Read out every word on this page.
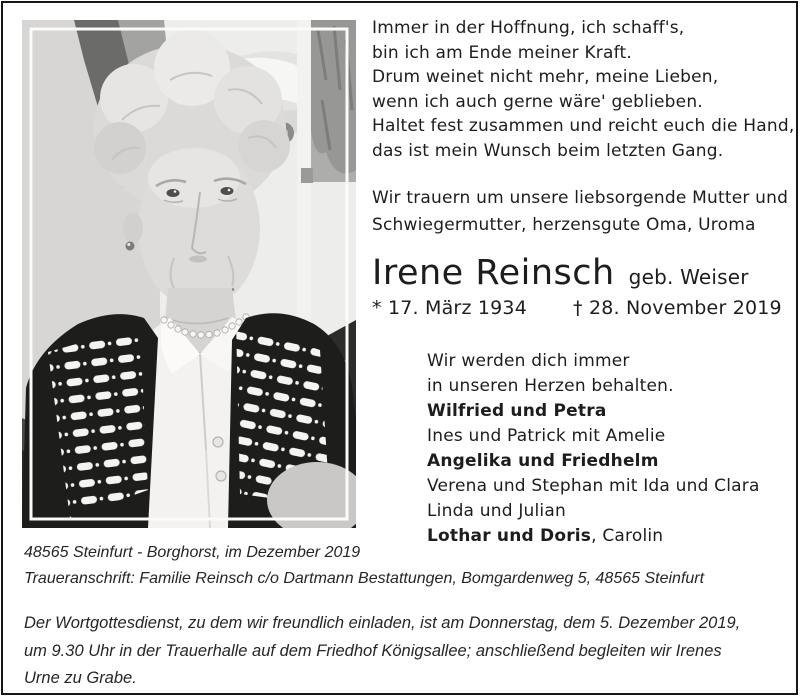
Immer in der Hoffnung, ich schaff's,
bin ich am Ende meiner Kraft.
Drum weinet nicht mehr, meine Lieben,
wenn ich auch gerne wäre' geblieben.
Haltet fest zusammen und reicht euch die Hand,
das ist mein Wunsch beim letzten Gang.
Wir trauern um unsere liebsorgende Mutter und
Schwiegermutter, herzensgute Oma, Uroma
Irene Reinsch geb. Weiser
* 17. März 1934 † 28. November 2019
Wir werden dich immer
in unseren Herzen behalten.
Wilfried und Petra
Ines und Patrick mit Amelie
Angelika und Friedhelm
Verena und Stephan mit Ida und Clara
Linda und Julian
Lothar und Doris, Carolin
48565 Steinfurt - Borghorst, im Dezember 2019
Traueranschrift: Familie Reinsch c/o Dartmann Bestattungen, Bomgardenweg 5, 48565 Steinfurt
Der Wortgottesdienst, zu dem wir freundlich einladen, ist am Donnerstag, dem 5. Dezember 2019,
um 9.30 Uhr in der Trauerhalle auf dem Friedhof Königsallee; anschließend begleiten wir Irenes
Urne zu Grabe.
